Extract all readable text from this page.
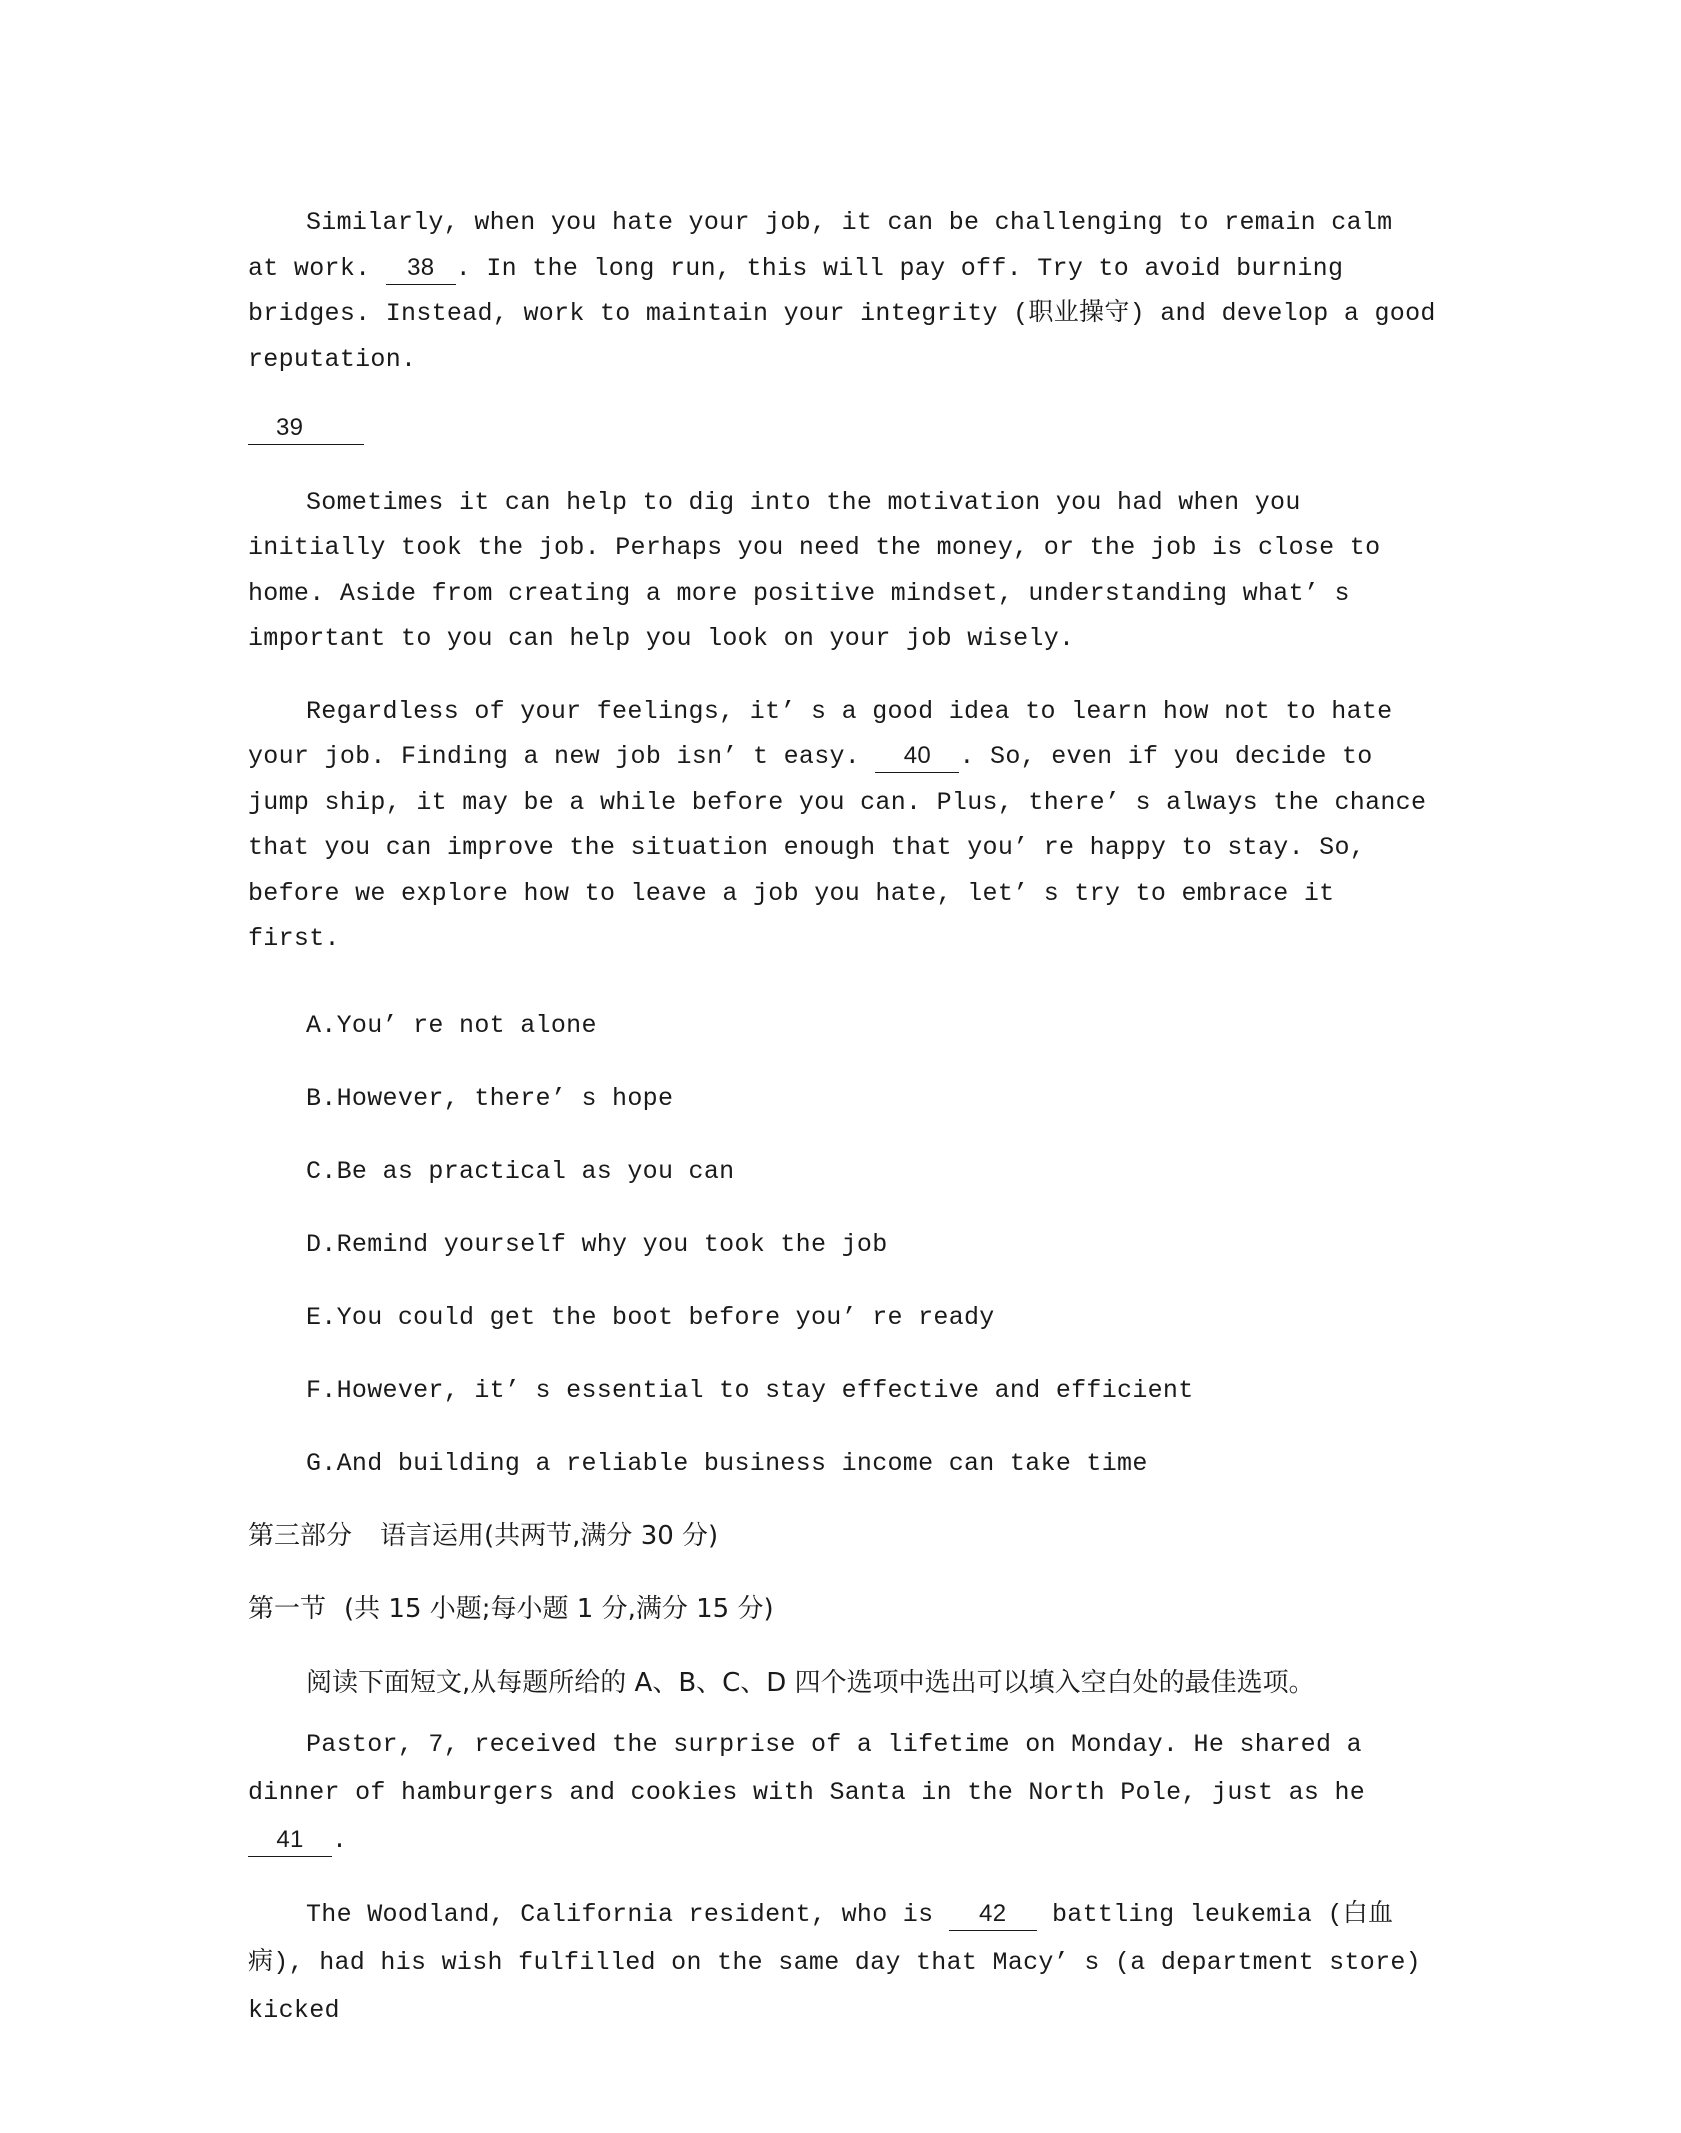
Similarly, when you hate your job, it can be challenging to remain calm at work. 38 . In the long run, this will pay off. Try to avoid burning bridges. Instead, work to maintain your integrity (职业操守) and develop a good reputation.

39

Sometimes it can help to dig into the motivation you had when you initially took the job. Perhaps you need the money, or the job is close to home. Aside from creating a more positive mindset, understanding what’ s important to you can help you look on your job wisely.

Regardless of your feelings, it’ s a good idea to learn how not to hate your job. Finding a new job isn’ t easy. 40 . So, even if you decide to jump ship, it may be a while before you can. Plus, there’ s always the chance that you can improve the situation enough that you’ re happy to stay. So, before we explore how to leave a job you hate, let’ s try to embrace it first.

A.You’ re not alone

B.However, there’ s hope

C.Be as practical as you can

D.Remind yourself why you took the job

E.You could get the boot before you’ re ready

F.However, it’ s essential to stay effective and efficient

G.And building a reliable business income can take time

第三部分 语言运用(共两节,满分 30 分)

第一节 (共 15 小题;每小题 1 分,满分 15 分)

阅读下面短文,从每题所给的 A、B、C、D 四个选项中选出可以填入空白处的最佳选项。

Pastor, 7, received the surprise of a lifetime on Monday. He shared a dinner of hamburgers and cookies with Santa in the North Pole, just as he 41 .

The Woodland, California resident, who is 42 battling leukemia (白血病), had his wish fulfilled on the same day that Macy’ s (a department store) kicked
